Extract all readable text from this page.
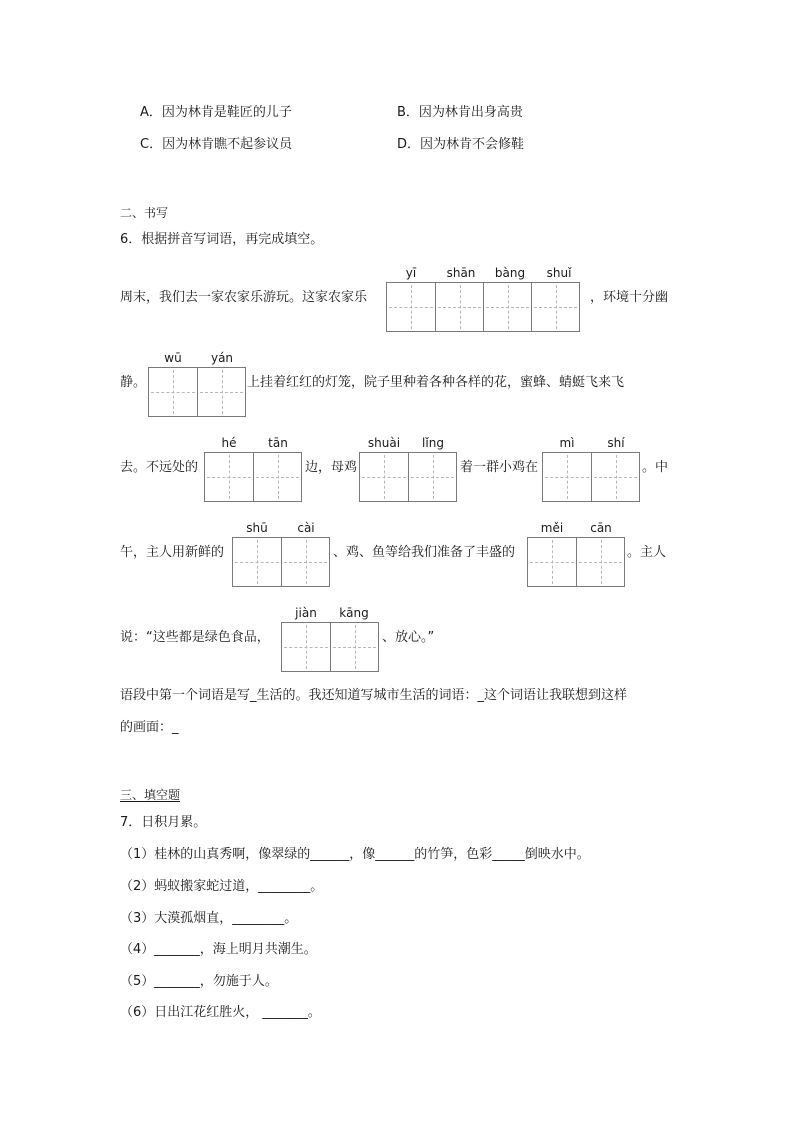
A．因为林肯是鞋匠的儿子	B．因为林肯出身高贵
C．因为林肯瞧不起参议员	D．因为林肯不会修鞋
二、书写
6．根据拼音写词语，再完成填空。
周末，我们去一家农家乐游玩。这家农家乐
yī	shān bàng shuǐ
，环境十分幽
静。
wū yán
上挂着红红的灯笼，院子里种着各种各样的花，蜜蜂、蜻蜓飞来飞
去。不远处的
hé	tān
边，母鸡
shuài lǐng
着一群小鸡在
mì	shí
。中
午，主人用新鲜的
shū cài
、鸡、鱼等给我们准备了丰盛的
měi cān
。主人
说：“这些都是绿色食品，
jiàn kāng
、放心。”
语段中第一个词语是写_生活的。我还知道写城市生活的词语：_这个词语让我联想到这样
的画面：_
三、填空题
7．日积月累。
（1）桂林的山真秀啊，像翠绿的______，像______的竹笋，色彩_____倒映水中。
（2）蚂蚁搬家蛇过道，________。
（3）大漠孤烟直，________。
（4）_______，海上明月共潮生。
（5）_______，勿施于人。
（6）日出江花红胜火， _______。
